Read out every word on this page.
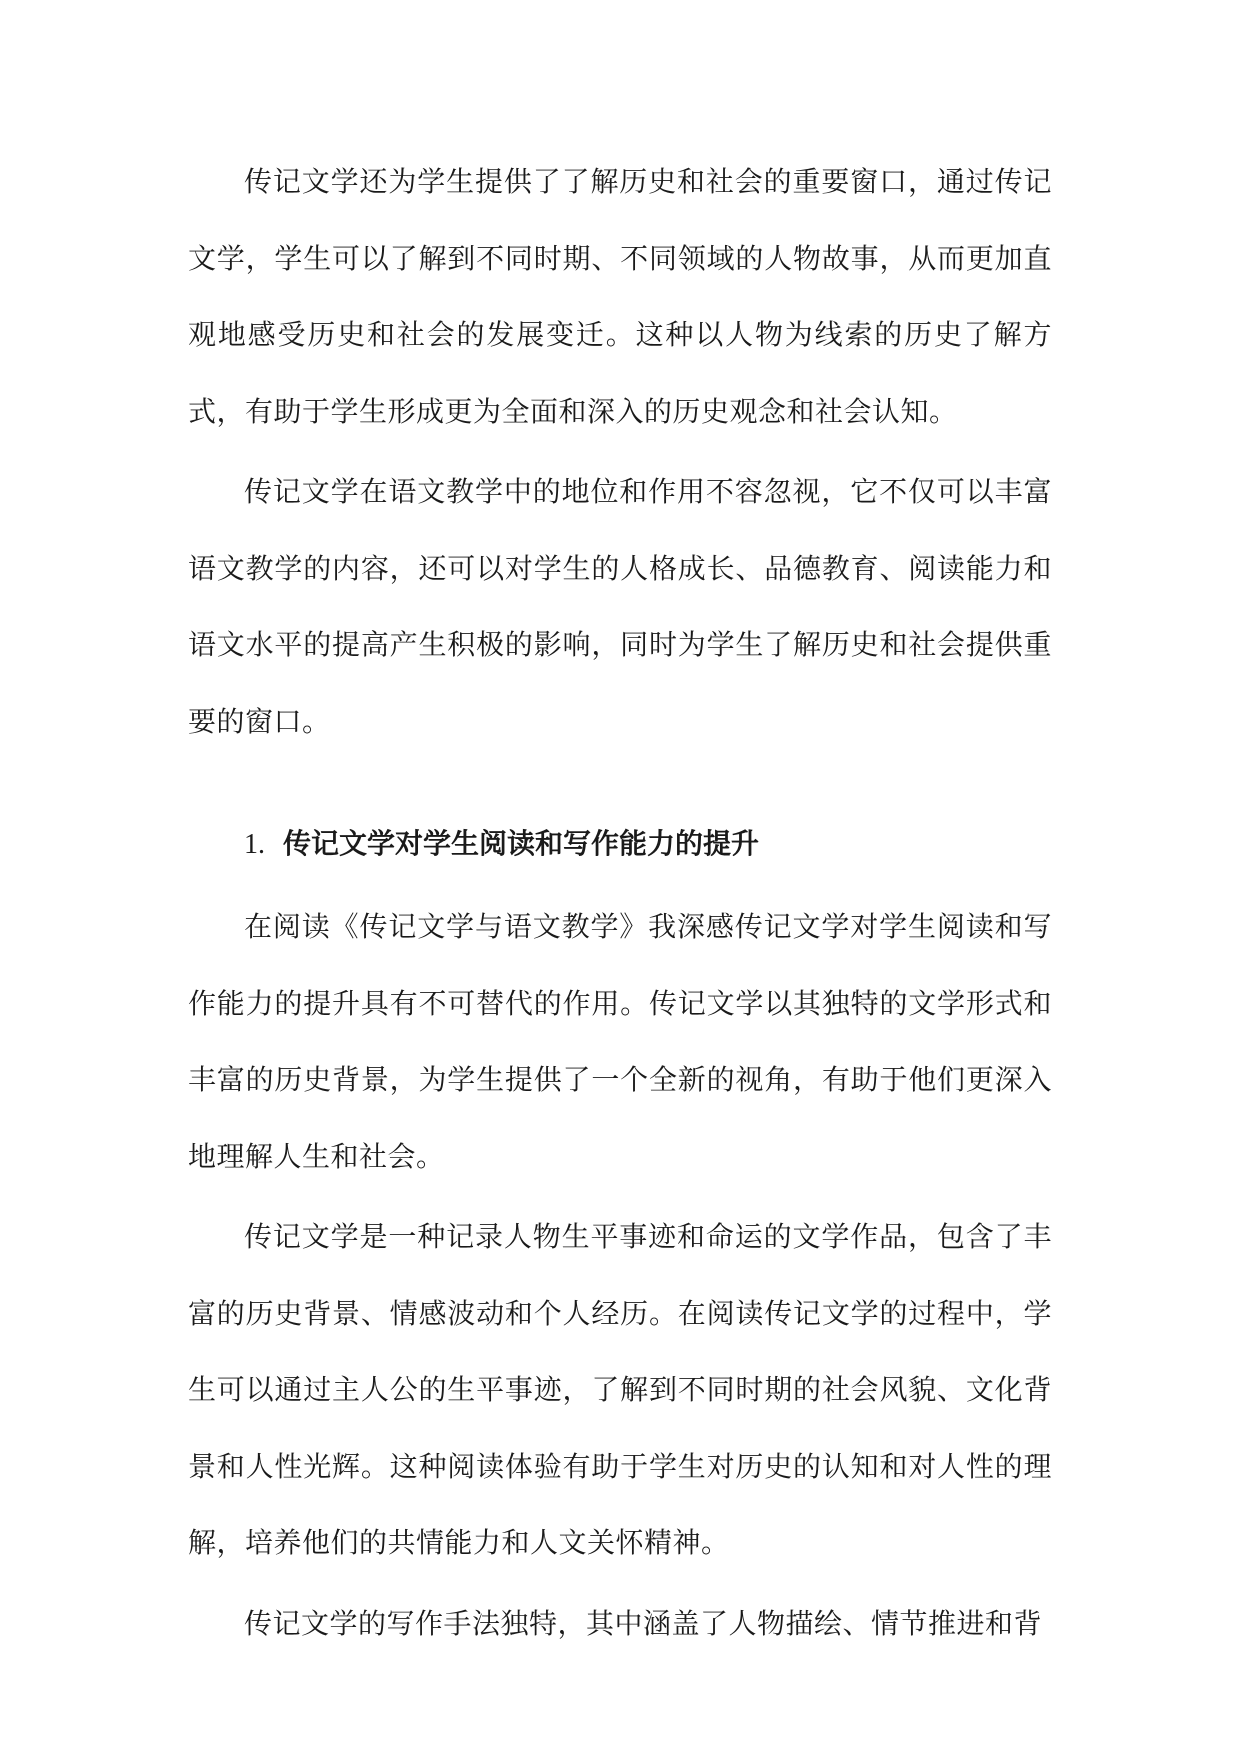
传记文学还为学生提供了了解历史和社会的重要窗口，通过传记文学，学生可以了解到不同时期、不同领域的人物故事，从而更加直观地感受历史和社会的发展变迁。这种以人物为线索的历史了解方式，有助于学生形成更为全面和深入的历史观念和社会认知。

传记文学在语文教学中的地位和作用不容忽视，它不仅可以丰富语文教学的内容，还可以对学生的人格成长、品德教育、阅读能力和语文水平的提高产生积极的影响，同时为学生了解历史和社会提供重要的窗口。

1. 传记文学对学生阅读和写作能力的提升

在阅读《传记文学与语文教学》我深感传记文学对学生阅读和写作能力的提升具有不可替代的作用。传记文学以其独特的文学形式和丰富的历史背景，为学生提供了一个全新的视角，有助于他们更深入地理解人生和社会。

传记文学是一种记录人物生平事迹和命运的文学作品，包含了丰富的历史背景、情感波动和个人经历。在阅读传记文学的过程中，学生可以通过主人公的生平事迹，了解到不同时期的社会风貌、文化背景和人性光辉。这种阅读体验有助于学生对历史的认知和对人性的理解，培养他们的共情能力和人文关怀精神。

传记文学的写作手法独特，其中涵盖了人物描绘、情节推进和背
